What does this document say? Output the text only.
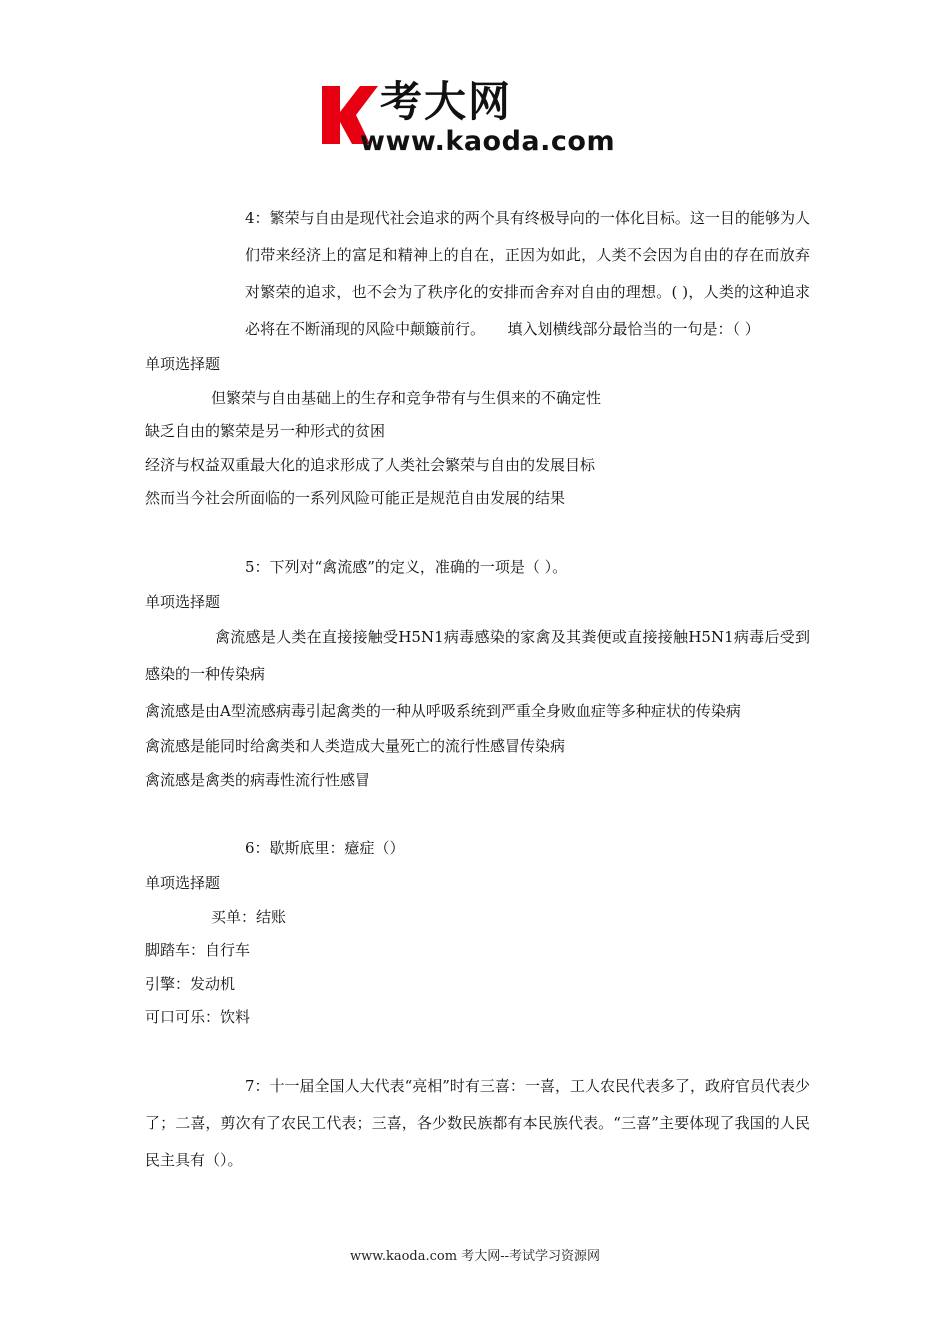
考大网
www.kaoda.com
4：繁荣与自由是现代社会追求的两个具有终极导向的一体化目标。这一目的能够为人们带来经济上的富足和精神上的自在，正因为如此，人类不会因为自由的存在而放弃对繁荣的追求，也不会为了秩序化的安排而舍弃对自由的理想。( )，人类的这种追求必将在不断涌现的风险中颠簸前行。　　填入划横线部分最恰当的一句是：（ ）
单项选择题
但繁荣与自由基础上的生存和竞争带有与生俱来的不确定性
缺乏自由的繁荣是另一种形式的贫困
经济与权益双重最大化的追求形成了人类社会繁荣与自由的发展目标
然而当今社会所面临的一系列风险可能正是规范自由发展的结果
5：下列对“禽流感”的定义，准确的一项是（ ）。
单项选择题
禽流感是人类在直接接触受H5N1病毒感染的家禽及其粪便或直接接触H5N1病毒后受到感染的一种传染病
禽流感是由A型流感病毒引起禽类的一种从呼吸系统到严重全身败血症等多种症状的传染病
禽流感是能同时给禽类和人类造成大量死亡的流行性感冒传染病
禽流感是禽类的病毒性流行性感冒
6：歇斯底里：癔症（）
单项选择题
买单：结账
脚踏车：自行车
引擎：发动机
可口可乐：饮料
7：十一届全国人大代表“亮相”时有三喜：一喜，工人农民代表多了，政府官员代表少了；二喜，剪次有了农民工代表；三喜，各少数民族都有本民族代表。“三喜”主要体现了我国的人民民主具有（）。
www.kaoda.com 考大网--考试学习资源网
